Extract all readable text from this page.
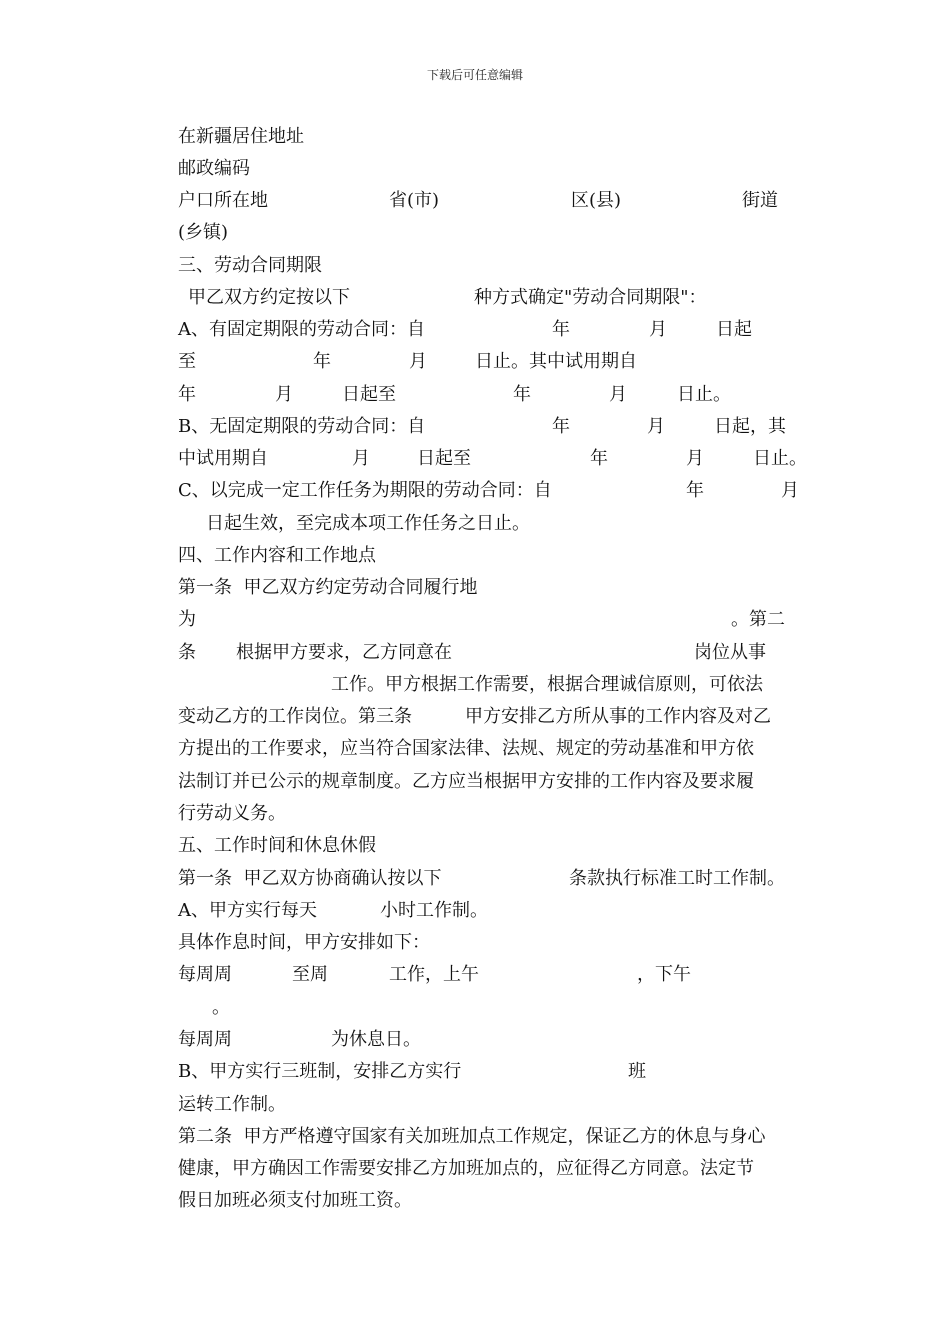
下载后可任意编辑
在新疆居住地址
邮政编码
户口所在地	省(市)	区(县)	街道
(乡镇)
三、劳动合同期限
甲乙双方约定按以下	种方式确定"劳动合同期限"：
A、有固定期限的劳动合同：自	年	月	日起
至	年	月	日止。其中试用期自
年	月	日起至	年	月	日止。
B、无固定期限的劳动合同：自	年	月	日起，其
中试用期自	月	日起至	年	月	日止。
C、以完成一定工作任务为期限的劳动合同：自	年	月
日起生效，至完成本项工作任务之日止。
四、工作内容和工作地点
第一条  甲乙双方约定劳动合同履行地
为	。第二
条 根据甲方要求，乙方同意在	岗位从事
工作。甲方根据工作需要，根据合理诚信原则，可依法
变动乙方的工作岗位。第三条	甲方安排乙方所从事的工作内容及对乙
方提出的工作要求，应当符合国家法律、法规、规定的劳动基准和甲方依
法制订并已公示的规章制度。乙方应当根据甲方安排的工作内容及要求履
行劳动义务。
五、工作时间和休息休假
第一条  甲乙双方协商确认按以下	条款执行标准工时工作制。
A、甲方实行每天	小时工作制。
具体作息时间，甲方安排如下：
每周周	至周	工作，上午	，下午
。
每周周	为休息日。
B、甲方实行三班制，安排乙方实行	班
运转工作制。
第二条  甲方严格遵守国家有关加班加点工作规定，保证乙方的休息与身心
健康，甲方确因工作需要安排乙方加班加点的，应征得乙方同意。法定节
假日加班必须支付加班工资。
